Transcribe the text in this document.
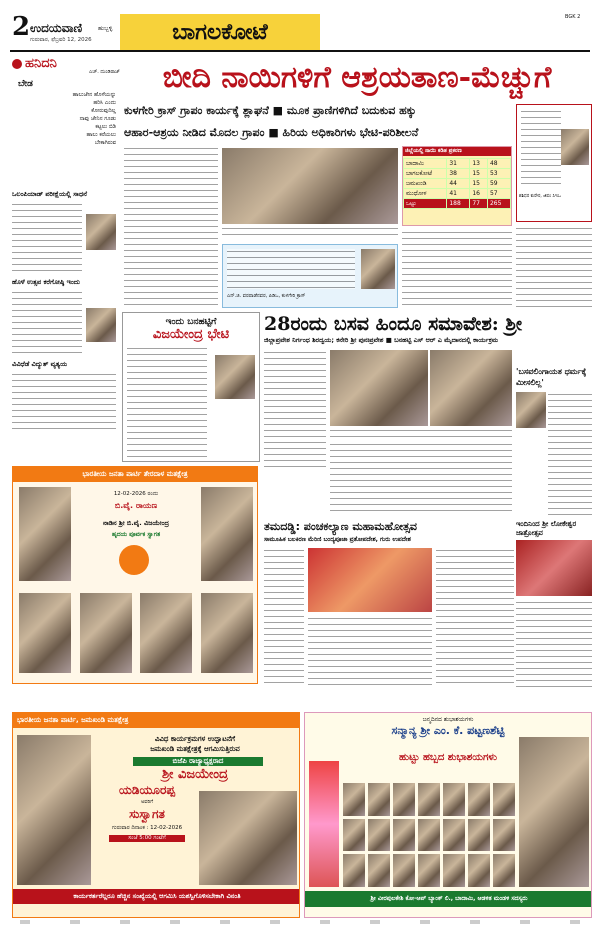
2 ಉದಯವಾಣಿ	ಹುಬ್ಬಳ್ಳಿ
ಗುರುವಾರ, ಫೆಬ್ರವರಿ 12, 2026	ಬಾಗಲಕೋಟೆ
BGK 2
ಹನಿದನಿ
ಎಚ್. ದುಂಡಿರಾಜ್
ಬೇಡ
ಹಾಲುಜೇನ ಹೊಳೆಯನ್ನು
ಹರಿಸಿ ಎಂದು
ಕೋರುವುದಿಲ್ಲ
ನಾವು ಜೇನಿನ ಗೂಡು
ಕಟ್ಟಲು ಬಿಡಿ
ಹಾಲು ಕರೆಯಲು
ಬೇಕಾಗಿರುವ
ಒಲಂಪಿಯಾಡ್ ಪರೀಕ್ಷೆಯಲ್ಲಿ ಸಾಧನೆ
ಹೊಳೆ ಉತ್ಸವ ಕರೆಗೋಷ್ಠಿ ಇಂದು
ವಿವಿಧೆಡೆ ವಿದ್ಯುತ್ ವ್ಯತ್ಯಯ
ಬೀದಿ ನಾಯಿಗಳಿಗೆ ಆಶ್ರಯತಾಣ-ಮೆಚ್ಚುಗೆ
ಕುಳಗೇರಿ ಕ್ರಾಸ್ ಗ್ರಾಪಂ ಕಾರ್ಯಕ್ಕೆ ಶ್ಲಾಘನೆ ■ ಮೂಕ ಪ್ರಾಣಿಗಳಿಗಿದೆ ಬದುಕುವ ಹಕ್ಕು
ಆಹಾರ-ಆಶ್ರಯ ನೀಡಿದ ಮೊದಲ ಗ್ರಾಪಂ ■ ಹಿರಿಯ ಅಧಿಕಾರಿಗಳು ಭೇಟಿ-ಪರಿಶೀಲನೆ
ಜಿಲ್ಲೆಯಲ್ಲಿ ನಾಯಿ ಕಡಿತ ಪ್ರಕರಣ
ಬಾದಾಮಿ	31	13	48
ಬಾಗಲಕೋಟೆ	38	15	53
ಜಮಖಂಡಿ	44	15	59
ಮುಧೋಳ	41	16	57
ಒಟ್ಟು	188	77	265
ಎನ್.ಜಿ. ವರಪಾಡೆನವರ, ಪಿಡಿಒ, ಕುಳಗೇರಿ ಕ್ರಾಸ್
ಶಶಿಧರ ಕುರೇರ, ಜಿಪಂ ಸಿಇಒ
ಇಂದು ಬನಹಟ್ಟಿಗೆ
ವಿಜಯೇಂದ್ರ ಭೇಟಿ	28ರಂದು ಬಸವ ಹಿಂದೂ ಸಮಾವೇಶ: ಶ್ರೀ
ಜಿಲ್ಲಾಪ್ರವೇಶ ನಿರ್ಗಂಧ ಶಿರದ್ವಯ; ಕನೇರಿ ಶ್ರೀ ಪುನಃಪ್ರವೇಶ ■ ಬನಹಟ್ಟಿ ಎಸ್ ಆರ್ ಎ ಮೈದಾನದಲ್ಲಿ ಕಾರ್ಯಕ್ರಮ
'ಬಸವಲಿಂಗಾಯತ ಧರ್ಮಕ್ಕೆ ಮೀಸಲಿಲ್ಲ'
ಭಾರತೀಯ ಜನತಾ ಪಾರ್ಟಿ ತೇರದಾಳ ಮತಕ್ಷೇತ್ರ
12-02-2026 ರಂದು
ಬಿ.ವೈ. ರಾಯಣ
ನಾಡಿನ ಶ್ರೀ ಬಿ.ವೈ. ವಿಜಯೇಂದ್ರ
ಹೃದಯ ಪೂರ್ವಕ ಸ್ವಾಗತ
ತಮದಡ್ಡಿ: ಪಂಚಕಲ್ಯಾಣ ಮಹಾಮಹೋತ್ಸವ
ಸಾಮೂಹಿಕ ಬಲಕಿರಣ ಮೆರಿಣಿ ಬಂದ್ಯಪೂಜಾ ವ್ರತೋಪದೇಶ, ಗುರು ಉಪದೇಶ
ಇಂದಿನಿಂದ ಶ್ರೀ ಲೋಕೇಶ್ವರ ಜಾತ್ರೋತ್ಸವ
ಭಾರತೀಯ ಜನತಾ ಪಾರ್ಟಿ, ಜಮಖಂಡಿ ಮತಕ್ಷೇತ್ರ
ವಿವಿಧ ಕಾರ್ಯಕ್ರಮಗಳ ಉದ್ಘಾಟನೆಗೆ
ಜಮಖಂಡಿ ಮತಕ್ಷೇತ್ರಕ್ಕೆ ಆಗಮಿಸುತ್ತಿರುವ
ಬಿಜೆಪಿ ರಾಜ್ಯಾಧ್ಯಕ್ಷರಾದ
ಶ್ರೀ ವಿಜಯೇಂದ್ರ
ಯಡಿಯೂರಪ್ಪ
ಅವರಿಗೆ
ಸುಸ್ವಾಗತ
ಗುರುವಾರ ದಿನಾಂಕ : 12-02-2026
ಸಂಜೆ 5:00 ಗಂಟೆಗೆ
ಕಾರ್ಯಕರ್ತರೆಲ್ಲರೂ ಹೆಚ್ಚಿನ ಸಂಖ್ಯೆಯಲ್ಲಿ ಆಗಮಿಸಿ ಯಶಸ್ವಿಗೊಳಿಸಬೇಕಾಗಿ ವಿನಂತಿ
ಜನ್ಮದಿನದ ಶುಭಾಶಯಗಳು
ಸನ್ಮಾನ್ಯ ಶ್ರೀ ಎಂ. ಕೆ. ಪಟ್ಟಣಶೆಟ್ಟಿ
ಹುಟ್ಟು ಹಬ್ಬದ ಶುಭಾಶಯಗಳು
ಶ್ರೀ ವೀರಪುಲಕೇಶಿ ಕೋ-ಆಪ್ ಬ್ಯಾಂಕ್ ಲಿ., ಬಾದಾಮಿ, ಆಡಳಿತ ಮಂಡಳಿ ಸದಸ್ಯರು
